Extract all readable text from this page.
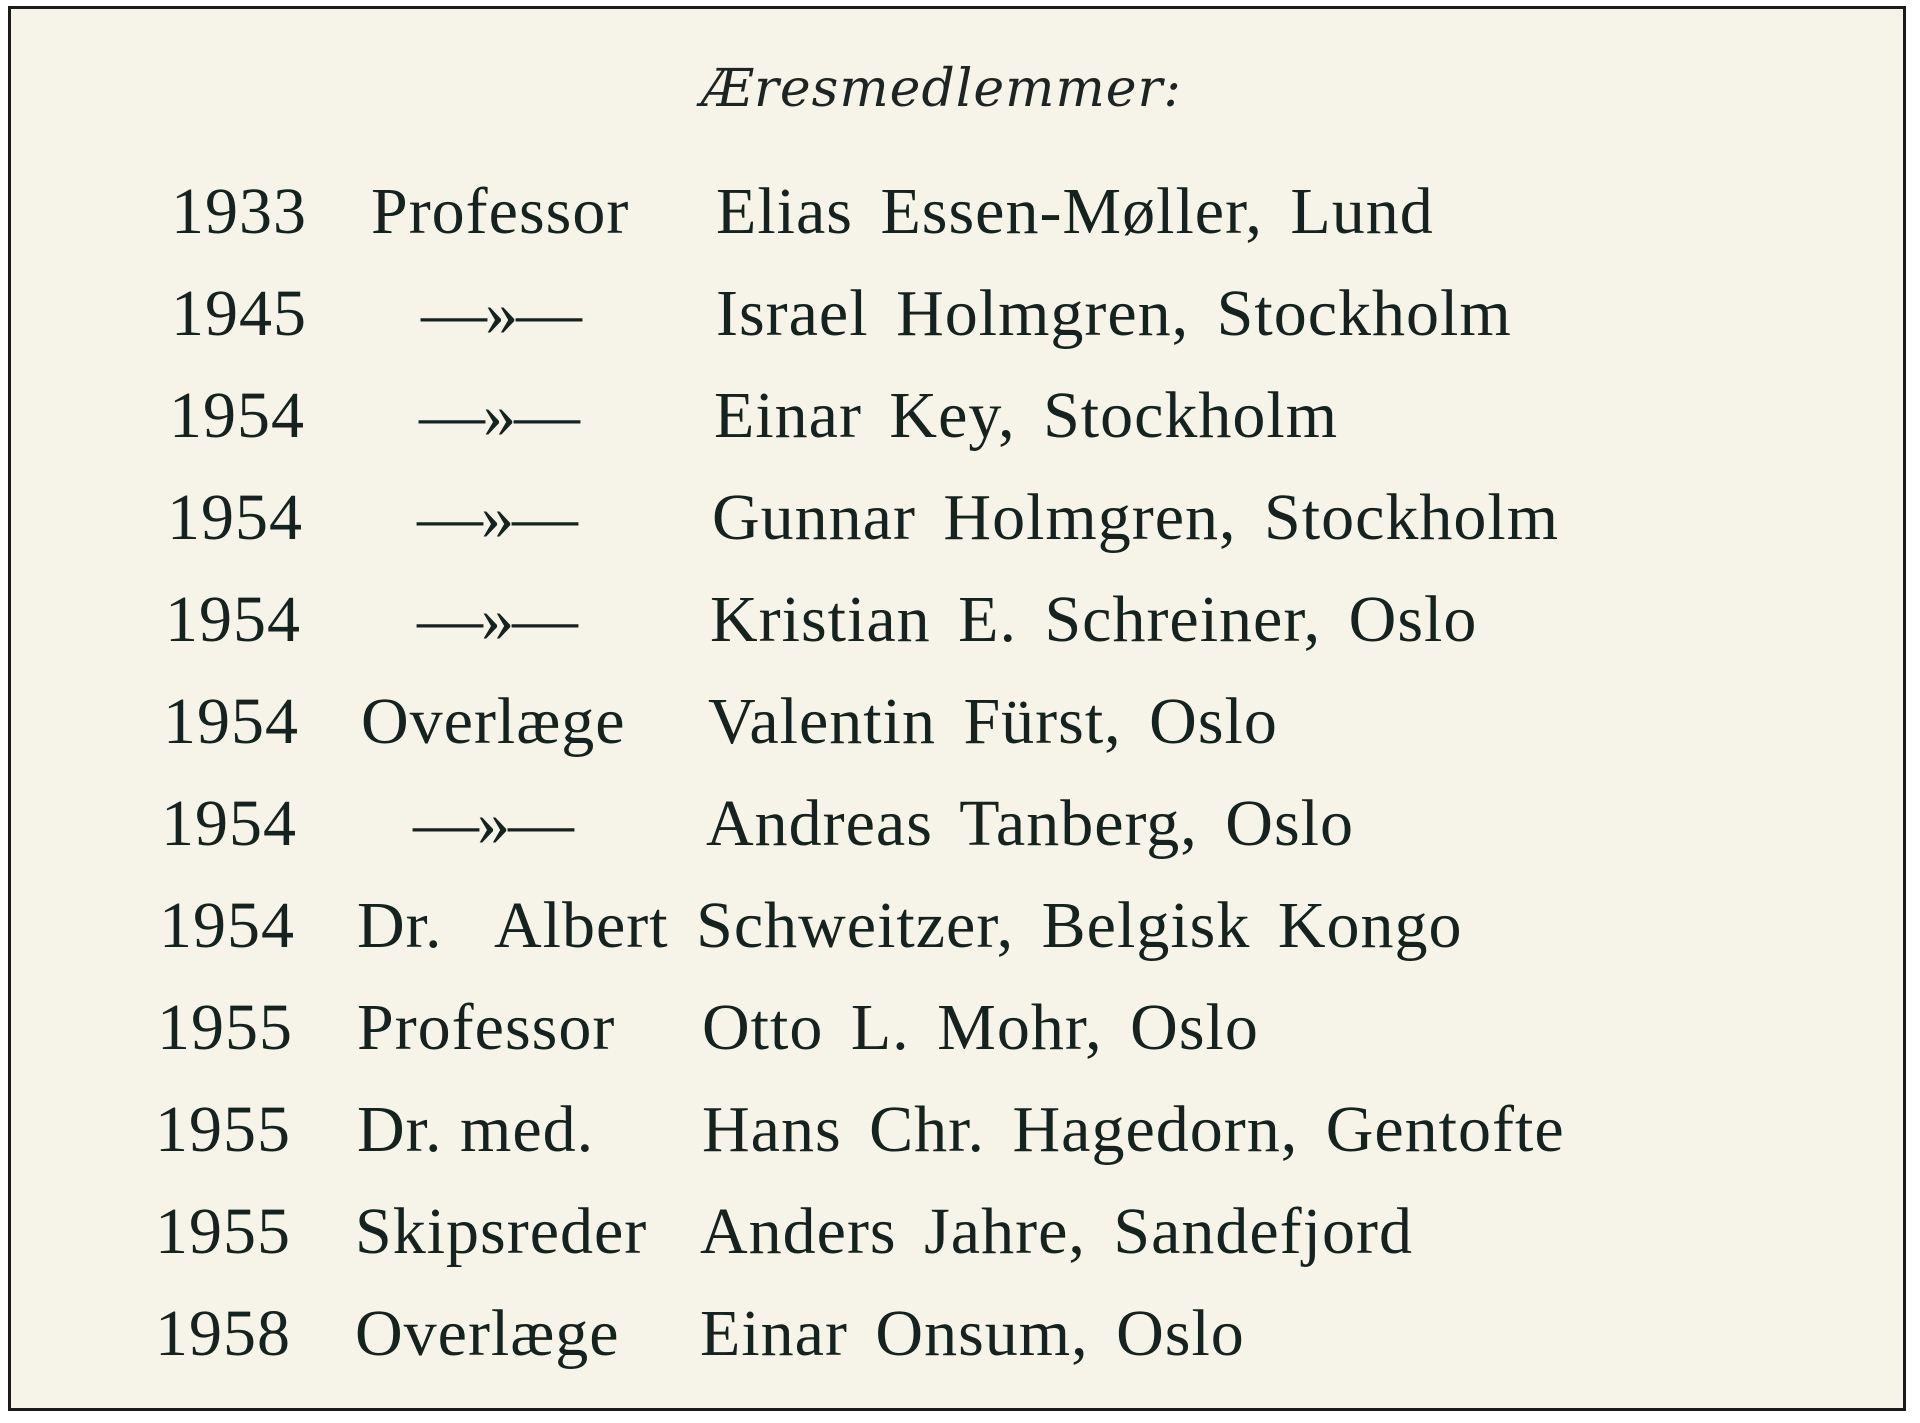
Æresmedlemmer:
1933 Professor Elias Essen-Møller, Lund
1945 —»— Israel Holmgren, Stockholm
1954 —»— Einar Key, Stockholm
1954 —»— Gunnar Holmgren, Stockholm
1954 —»— Kristian E. Schreiner, Oslo
1954 Overlæge Valentin Fürst, Oslo
1954 —»— Andreas Tanberg, Oslo
1954 Dr. Albert Schweitzer, Belgisk Kongo
1955 Professor Otto L. Mohr, Oslo
1955 Dr. med. Hans Chr. Hagedorn, Gentofte
1955 Skipsreder Anders Jahre, Sandefjord
1958 Overlæge Einar Onsum, Oslo
